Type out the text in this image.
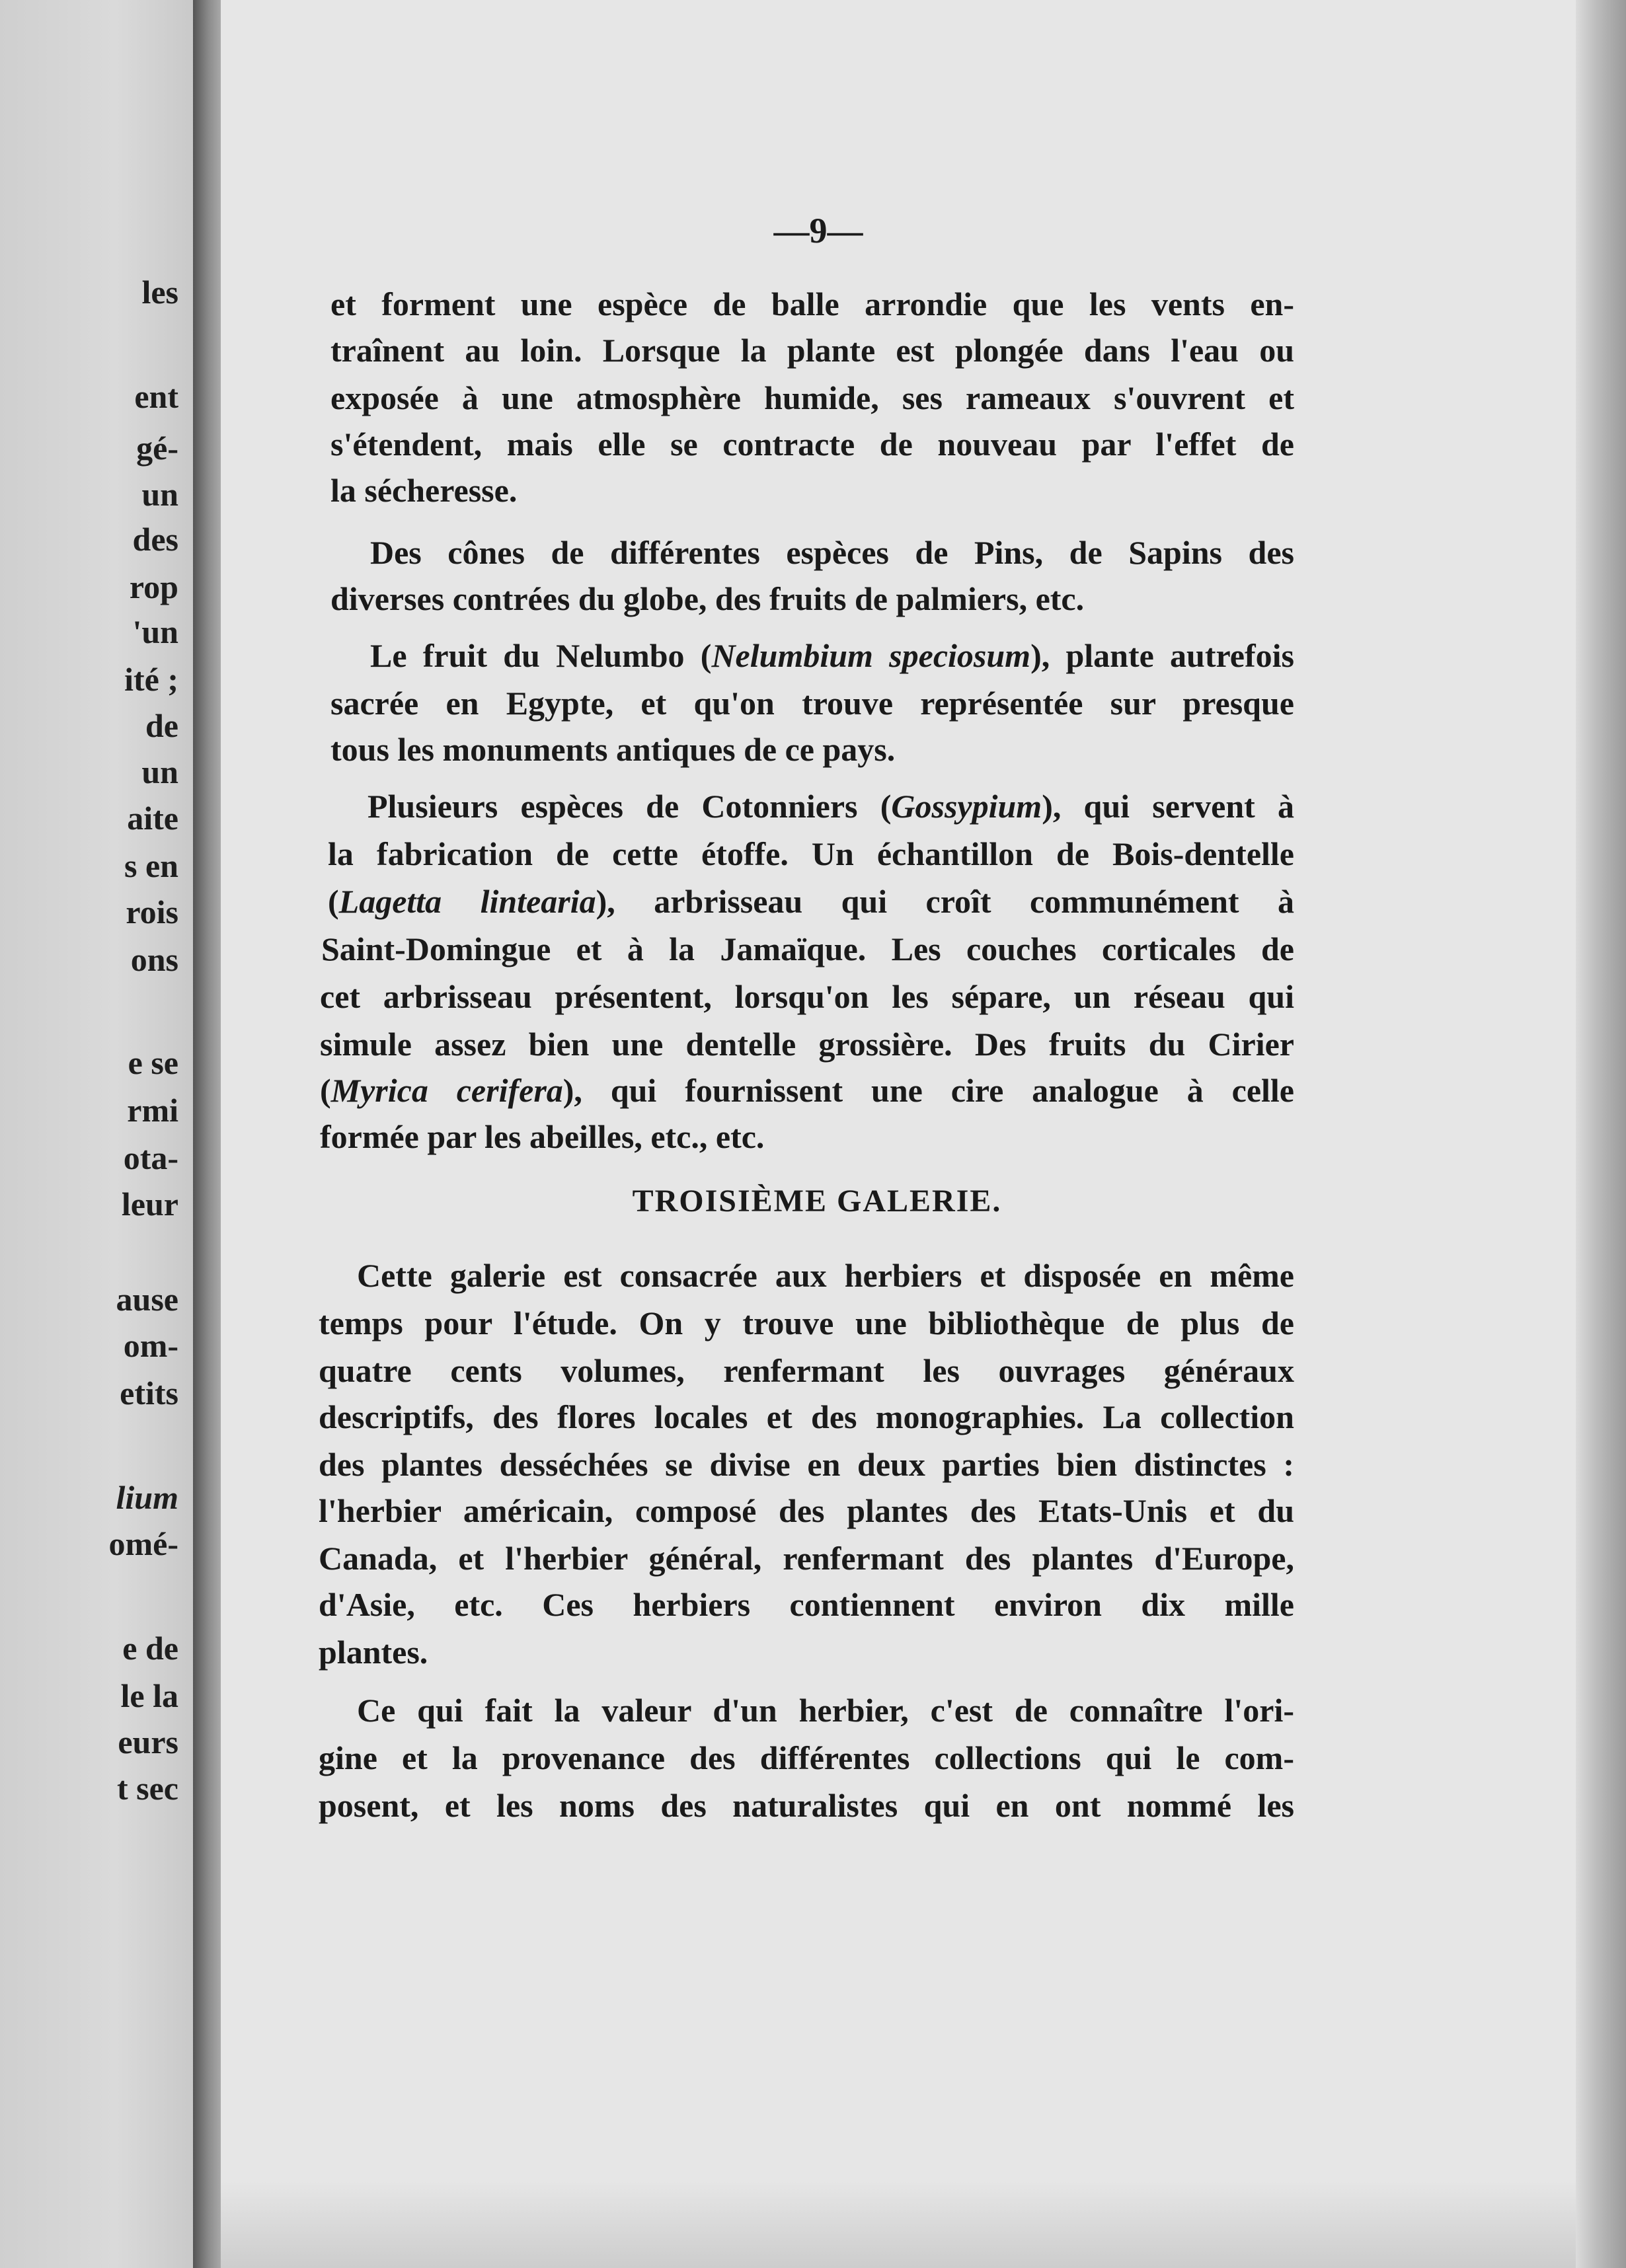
les
ent
gé-
un
des
rop
'un
ité ;
de
un
aite
s en
rois
ons
e se
rmi
ota-
leur
ause
om-
etits
lium
omé-
e de
le la
eurs
t sec
—9—
et forment une espèce de balle arrondie que les vents en-
traînent au loin. Lorsque la plante est plongée dans l'eau ou
exposée à une atmosphère humide, ses rameaux s'ouvrent et
s'étendent, mais elle se contracte de nouveau par l'effet de
la sécheresse.
Des cônes de différentes espèces de Pins, de Sapins des
diverses contrées du globe, des fruits de palmiers, etc.
Le fruit du Nelumbo (Nelumbium speciosum), plante autrefois
sacrée en Egypte, et qu'on trouve représentée sur presque
tous les monuments antiques de ce pays.
Plusieurs espèces de Cotonniers (Gossypium), qui servent à
la fabrication de cette étoffe. Un échantillon de Bois-dentelle
(Lagetta lintearia), arbrisseau qui croît communément à
Saint-Domingue et à la Jamaïque. Les couches corticales de
cet arbrisseau présentent, lorsqu'on les sépare, un réseau qui
simule assez bien une dentelle grossière. Des fruits du Cirier
(Myrica cerifera), qui fournissent une cire analogue à celle
formée par les abeilles, etc., etc.
TROISIÈME GALERIE.
Cette galerie est consacrée aux herbiers et disposée en même
temps pour l'étude. On y trouve une bibliothèque de plus de
quatre cents volumes, renfermant les ouvrages généraux
descriptifs, des flores locales et des monographies. La collection
des plantes desséchées se divise en deux parties bien distinctes :
l'herbier américain, composé des plantes des Etats-Unis et du
Canada, et l'herbier général, renfermant des plantes d'Europe,
d'Asie, etc. Ces herbiers contiennent environ dix mille
plantes.
Ce qui fait la valeur d'un herbier, c'est de connaître l'ori-
gine et la provenance des différentes collections qui le com-
posent, et les noms des naturalistes qui en ont nommé les
